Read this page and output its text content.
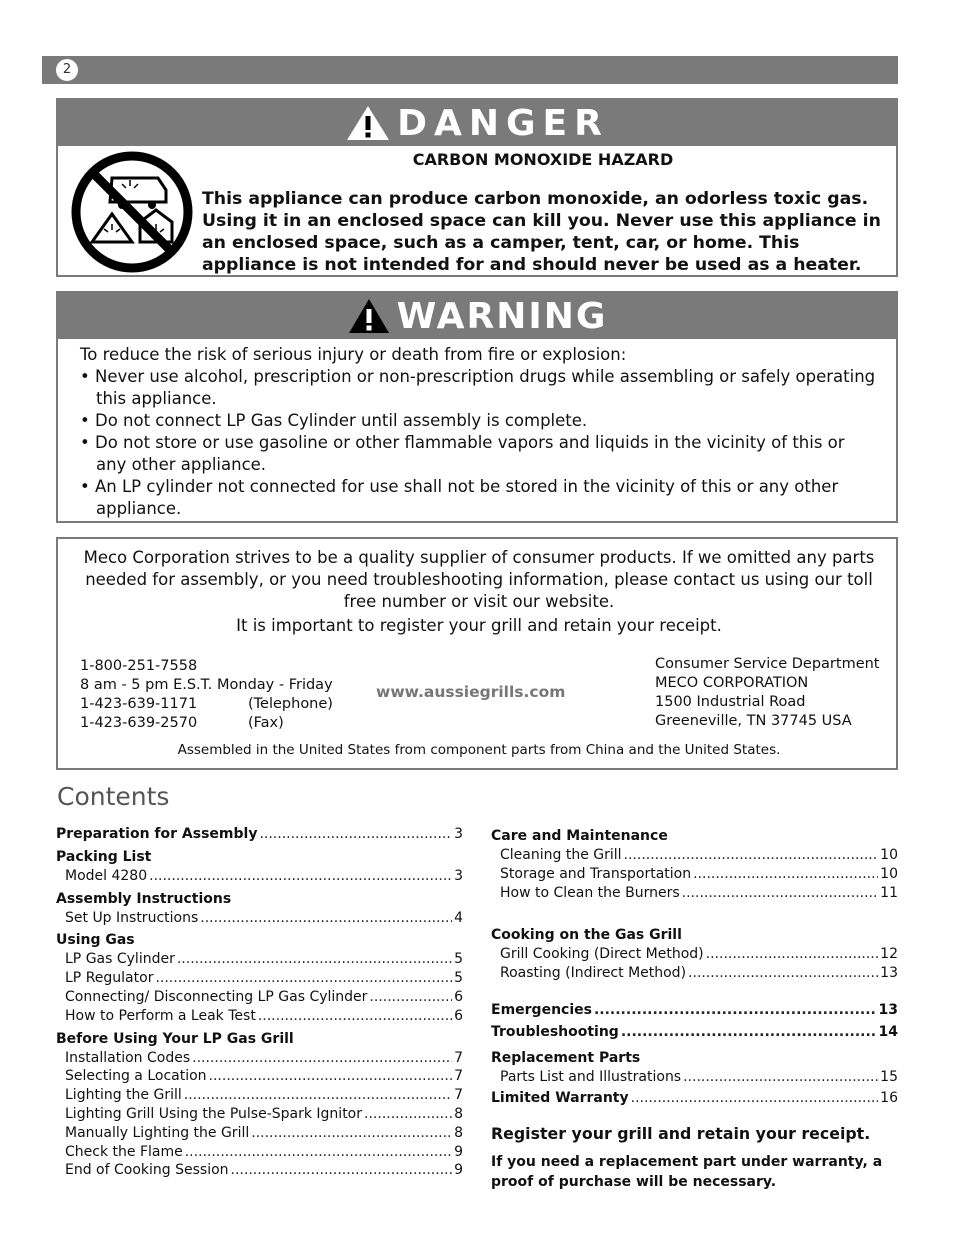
2
DANGER
CARBON MONOXIDE HAZARD
This appliance can produce carbon monoxide, an odorless toxic gas. Using it in an enclosed space can kill you. Never use this appliance in an enclosed space, such as a camper, tent, car, or home. This appliance is not intended for and should never be used as a heater.
WARNING

To reduce the risk of serious injury or death from fire or explosion:

• Never use alcohol, prescription or non-prescription drugs while assembling or safely operating this appliance.
• Do not connect LP Gas Cylinder until assembly is complete.
• Do not store or use gasoline or other flammable vapors and liquids in the vicinity of this or any other appliance.
• An LP cylinder not connected for use shall not be stored in the vicinity of this or any other appliance.
Meco Corporation strives to be a quality supplier of consumer products. If we omitted any parts needed for assembly, or you need troubleshooting information, please contact us using our toll free number or visit our website.
It is important to register your grill and retain your receipt.
1-800-251-7558
8 am - 5 pm E.S.T. Monday - Friday
1-423-639-1171	(Telephone)
1-423-639-2570	(Fax)
www.aussiegrills.com
Consumer Service Department
MECO CORPORATION
1500 Industrial Road
Greeneville, TN 37745 USA
Assembled in the United States from component parts from China and the United States.
Contents
Preparation for Assembly .....	3
Packing List
Model 4280 .....	3
Assembly Instructions
Set Up Instructions .....	4
Using Gas
LP Gas Cylinder .....	5
LP Regulator .....	5
Connecting/ Disconnecting LP Gas Cylinder .....	6
How to Perform a Leak Test .....	6
Before Using Your LP Gas Grill
Installation Codes .....	7
Selecting a Location .....	7
Lighting the Grill .....	7
Lighting Grill Using the Pulse-Spark Ignitor .....	8
Manually Lighting the Grill .....	8
Check the Flame .....	9
End of Cooking Session .....	9
Care and Maintenance
Cleaning the Grill .....	10
Storage and Transportation .....	10
How to Clean the Burners .....	11
Cooking on the Gas Grill
Grill Cooking (Direct Method) .....	12
Roasting (Indirect Method) .....	13
Emergencies .....	13
Troubleshooting .....	14
Replacement Parts
Parts List and Illustrations .....	15
Limited Warranty .....	16
Register your grill and retain your receipt.
If you need a replacement part under warranty, a proof of purchase will be necessary.
